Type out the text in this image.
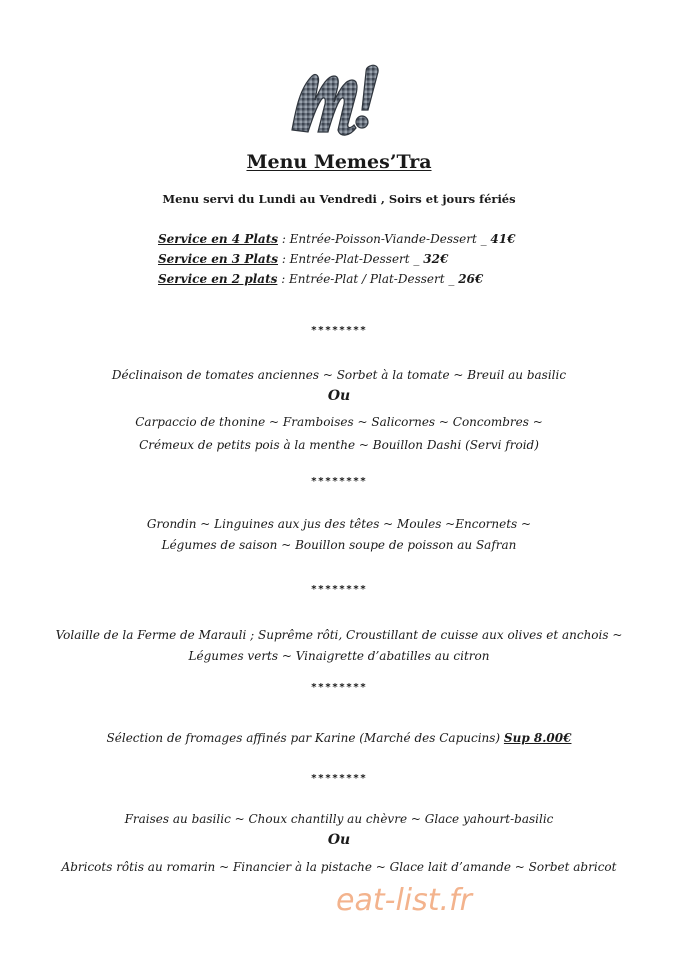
Menu Memes’Tra
Menu servi du Lundi au Vendredi , Soirs et jours fériés
Service en 4 Plats : Entrée-Poisson-Viande-Dessert _ 41€
Service en 3 Plats : Entrée-Plat-Dessert _ 32€
Service en 2 plats : Entrée-Plat / Plat-Dessert _ 26€
********
Déclinaison de tomates anciennes ~ Sorbet à la tomate ~ Breuil au basilic
Ou
Carpaccio de thonine ~ Framboises ~ Salicornes ~ Concombres ~
Crémeux de petits pois à la menthe ~ Bouillon Dashi (Servi froid)
********
Grondin ~ Linguines aux jus des têtes ~ Moules ~Encornets ~
Légumes de saison ~ Bouillon soupe de poisson au Safran
********
Volaille de la Ferme de Marauli ; Suprême rôti, Croustillant de cuisse aux olives et anchois ~
Légumes verts ~ Vinaigrette d’abatilles au citron
********
Sélection de fromages affinés par Karine (Marché des Capucins) Sup 8.00€
********
Fraises au basilic ~ Choux chantilly au chèvre ~ Glace yahourt-basilic
Ou
Abricots rôtis au romarin ~ Financier à la pistache ~ Glace lait d’amande ~ Sorbet abricot
eat-list.fr
